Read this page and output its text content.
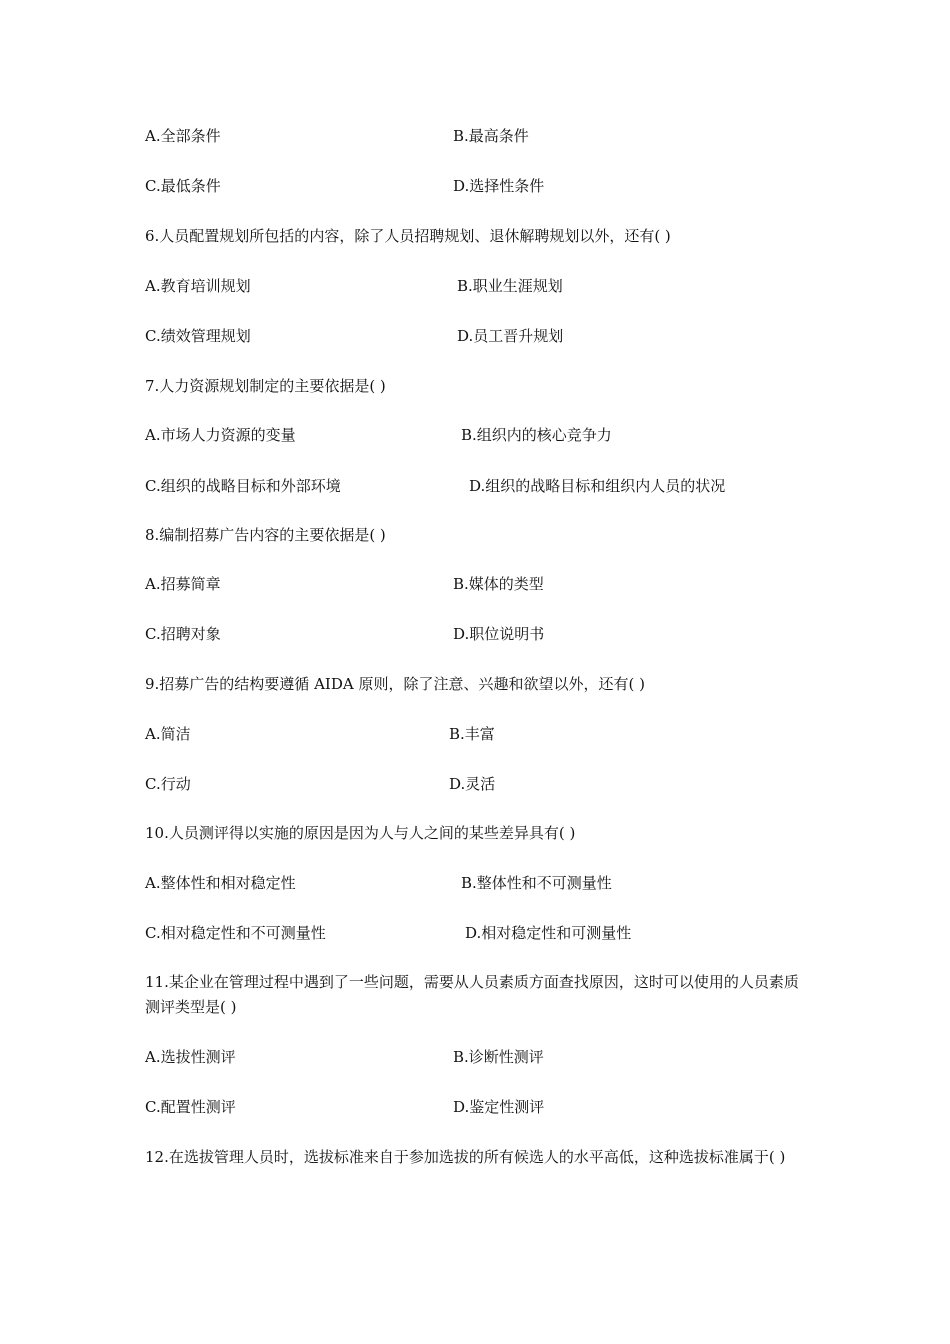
A.全部条件	B.最高条件
C.最低条件	D.选择性条件
6.人员配置规划所包括的内容，除了人员招聘规划、退休解聘规划以外，还有( )
A.教育培训规划	B.职业生涯规划
C.绩效管理规划	D.员工晋升规划
7.人力资源规划制定的主要依据是( )
A.市场人力资源的变量	B.组织内的核心竞争力
C.组织的战略目标和外部环境	D.组织的战略目标和组织内人员的状况
8.编制招募广告内容的主要依据是( )
A.招募简章	B.媒体的类型
C.招聘对象	D.职位说明书
9.招募广告的结构要遵循 AIDA 原则，除了注意、兴趣和欲望以外，还有( )
A.简洁	B.丰富
C.行动	D.灵活
10.人员测评得以实施的原因是因为人与人之间的某些差异具有( )
A.整体性和相对稳定性	B.整体性和不可测量性
C.相对稳定性和不可测量性	D.相对稳定性和可测量性
11.某企业在管理过程中遇到了一些问题，需要从人员素质方面查找原因，这时可以使用的人员素质测评类型是( )
A.选拔性测评	B.诊断性测评
C.配置性测评	D.鉴定性测评
12.在选拔管理人员时，选拔标准来自于参加选拔的所有候选人的水平高低，这种选拔标准属于( )
